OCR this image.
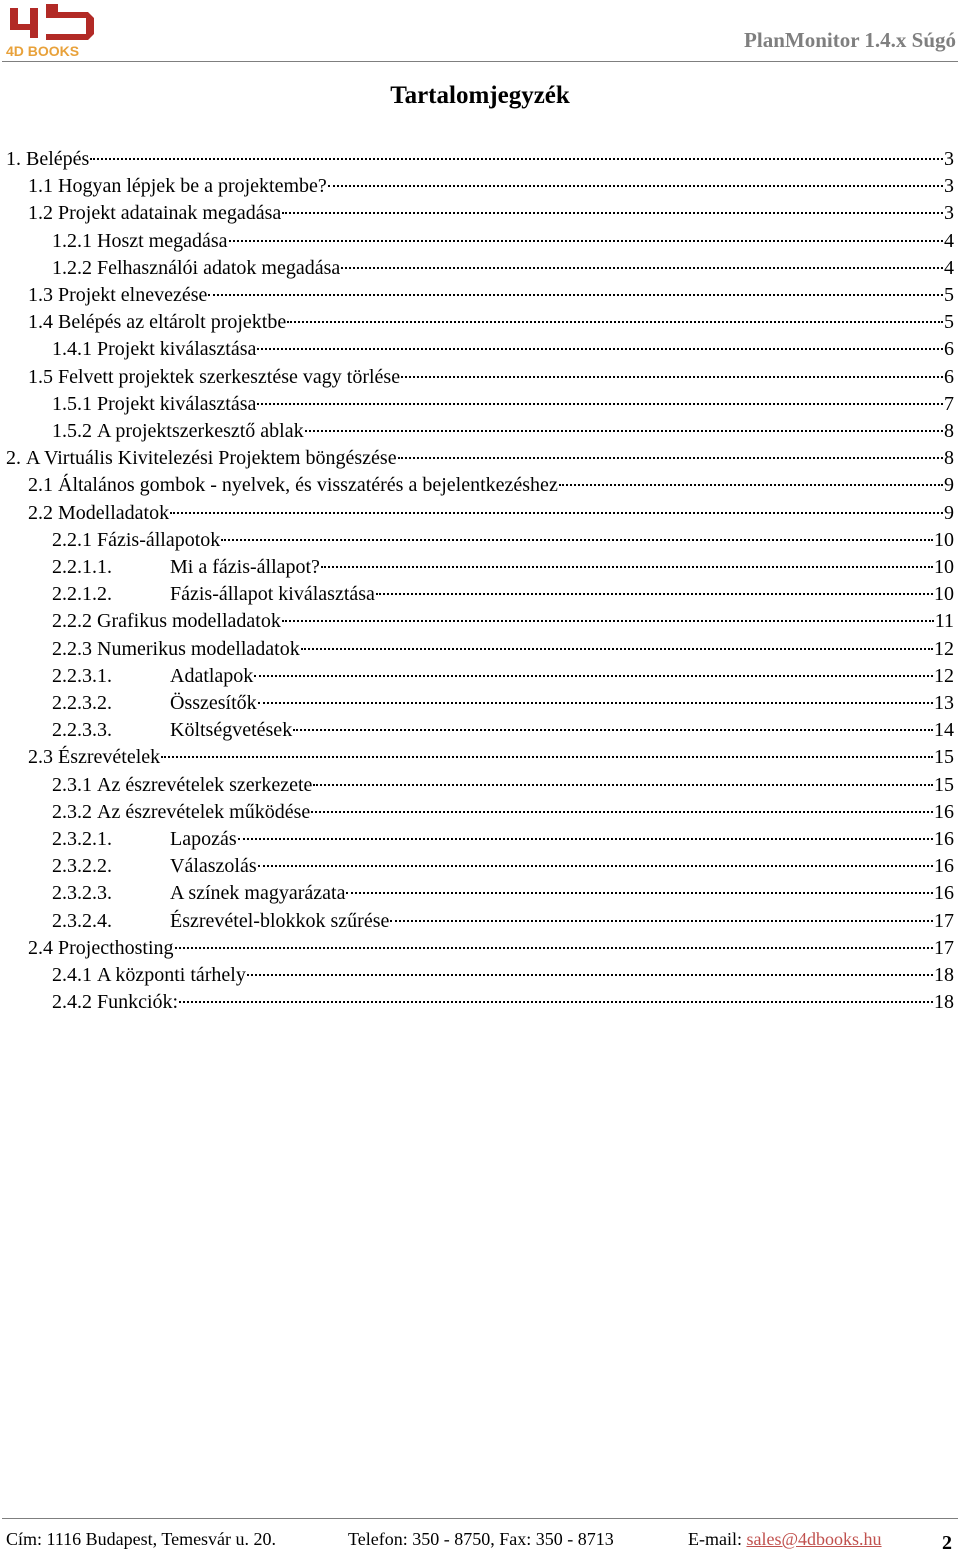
4D BOOKS	PlanMonitor 1.4.x Súgó
Tartalomjegyzék
1. Belépés	3
1.1 Hogyan lépjek be a projektembe?	3
1.2 Projekt adatainak megadása	3
1.2.1 Hoszt megadása	4
1.2.2 Felhasználói adatok megadása	4
1.3 Projekt elnevezése	5
1.4 Belépés az eltárolt projektbe	5
1.4.1 Projekt kiválasztása	6
1.5 Felvett projektek szerkesztése vagy törlése	6
1.5.1 Projekt kiválasztása	7
1.5.2 A projektszerkesztő ablak	8
2. A Virtuális Kivitelezési Projektem böngészése	8
2.1 Általános gombok - nyelvek, és visszatérés a bejelentkezéshez	9
2.2 Modelladatok	9
2.2.1 Fázis-állapotok	10
2.2.1.1.	Mi a fázis-állapot?	10
2.2.1.2.	Fázis-állapot kiválasztása	10
2.2.2 Grafikus modelladatok	11
2.2.3 Numerikus modelladatok	12
2.2.3.1.	Adatlapok	12
2.2.3.2.	Összesítők	13
2.2.3.3.	Költségvetések	14
2.3 Észrevételek	15
2.3.1 Az észrevételek szerkezete	15
2.3.2 Az észrevételek működése	16
2.3.2.1.	Lapozás	16
2.3.2.2.	Válaszolás	16
2.3.2.3.	A színek magyarázata	16
2.3.2.4.	Észrevétel-blokkok szűrése	17
2.4 Projecthosting	17
2.4.1 A központi tárhely	18
2.4.2 Funkciók:	18
Cím: 1116 Budapest, Temesvár u. 20.	Telefon: 350 - 8750, Fax: 350 - 8713	E-mail: sales@4dbooks.hu	2
